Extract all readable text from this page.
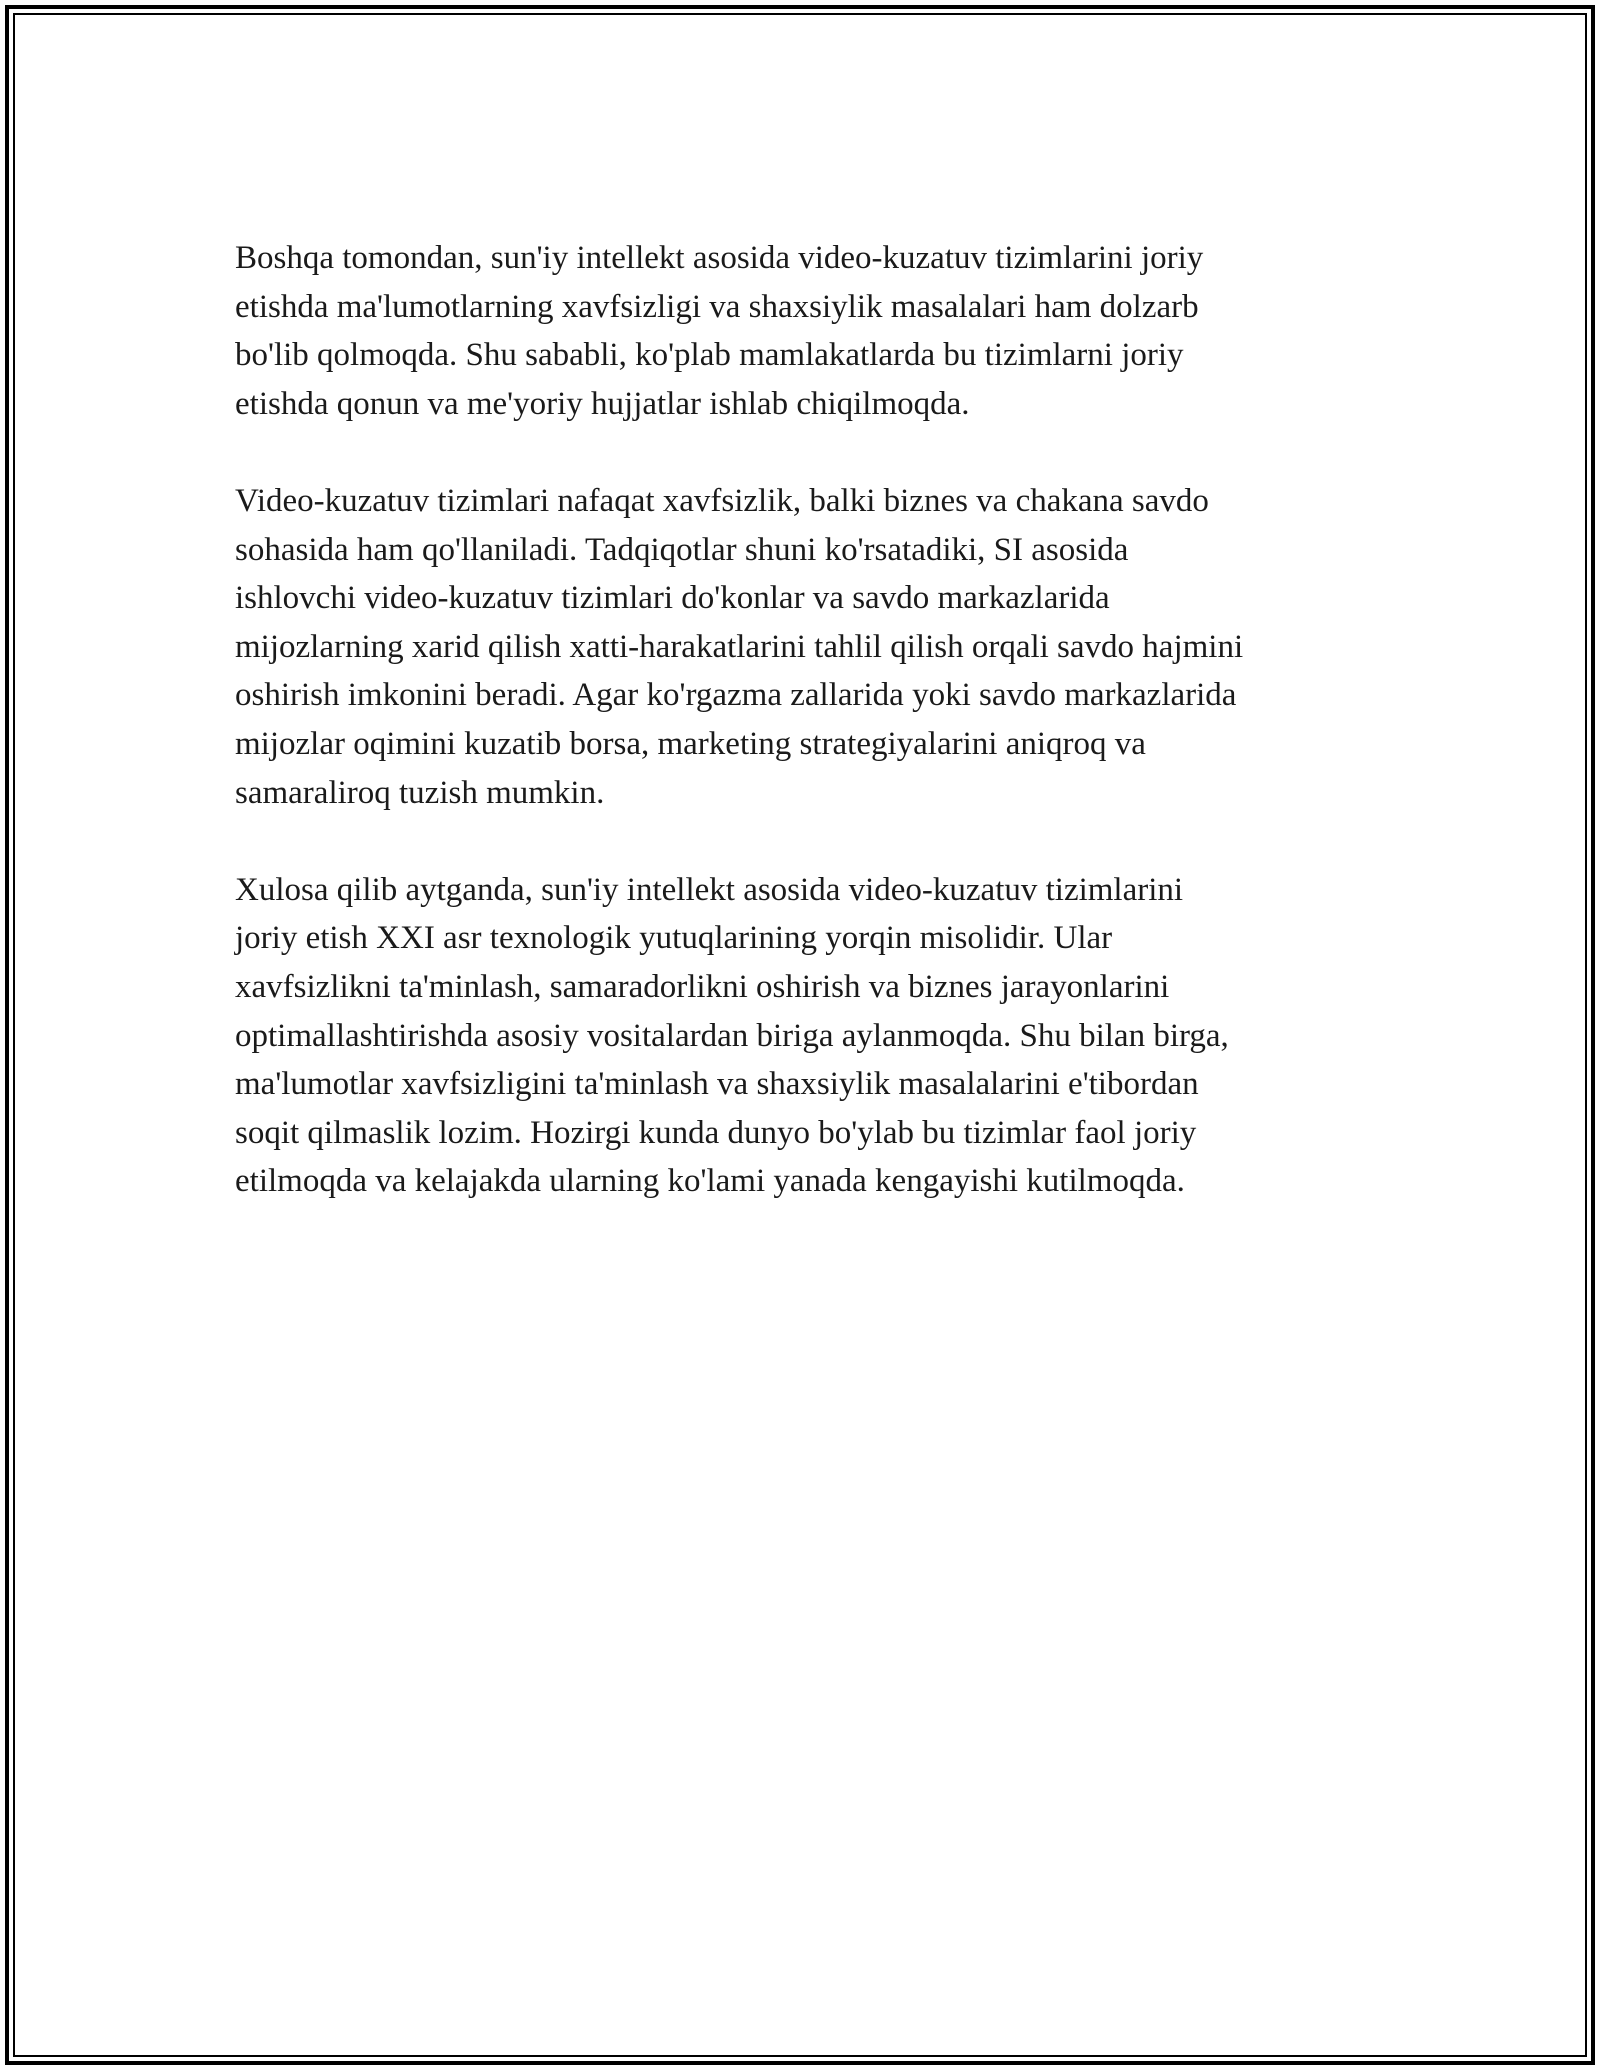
Boshqa tomondan, sun'iy intellekt asosida video-kuzatuv tizimlarini joriy
etishda ma'lumotlarning xavfsizligi va shaxsiylik masalalari ham dolzarb
bo'lib qolmoqda. Shu sababli, ko'plab mamlakatlarda bu tizimlarni joriy
etishda qonun va me'yoriy hujjatlar ishlab chiqilmoqda.

Video-kuzatuv tizimlari nafaqat xavfsizlik, balki biznes va chakana savdo
sohasida ham qo'llaniladi. Tadqiqotlar shuni ko'rsatadiki, SI asosida
ishlovchi video-kuzatuv tizimlari do'konlar va savdo markazlarida
mijozlarning xarid qilish xatti-harakatlarini tahlil qilish orqali savdo hajmini
oshirish imkonini beradi. Agar ko'rgazma zallarida yoki savdo markazlarida
mijozlar oqimini kuzatib borsa, marketing strategiyalarini aniqroq va
samaraliroq tuzish mumkin.

Xulosa qilib aytganda, sun'iy intellekt asosida video-kuzatuv tizimlarini
joriy etish XXI asr texnologik yutuqlarining yorqin misolidir. Ular
xavfsizlikni ta'minlash, samaradorlikni oshirish va biznes jarayonlarini
optimallashtirishda asosiy vositalardan biriga aylanmoqda. Shu bilan birga,
ma'lumotlar xavfsizligini ta'minlash va shaxsiylik masalalarini e'tibordan
soqit qilmaslik lozim. Hozirgi kunda dunyo bo'ylab bu tizimlar faol joriy
etilmoqda va kelajakda ularning ko'lami yanada kengayishi kutilmoqda.
